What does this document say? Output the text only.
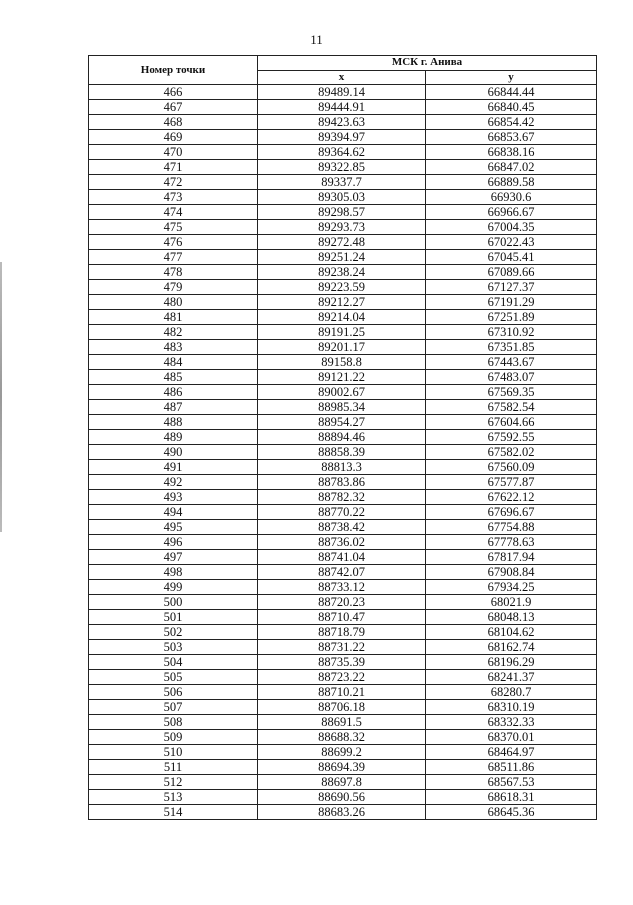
11
Номер точки	МСК г. Анива	
	x	y
466	89489.14	66844.44
467	89444.91	66840.45
468	89423.63	66854.42
469	89394.97	66853.67
470	89364.62	66838.16
471	89322.85	66847.02
472	89337.7	66889.58
473	89305.03	66930.6
474	89298.57	66966.67
475	89293.73	67004.35
476	89272.48	67022.43
477	89251.24	67045.41
478	89238.24	67089.66
479	89223.59	67127.37
480	89212.27	67191.29
481	89214.04	67251.89
482	89191.25	67310.92
483	89201.17	67351.85
484	89158.8	67443.67
485	89121.22	67483.07
486	89002.67	67569.35
487	88985.34	67582.54
488	88954.27	67604.66
489	88894.46	67592.55
490	88858.39	67582.02
491	88813.3	67560.09
492	88783.86	67577.87
493	88782.32	67622.12
494	88770.22	67696.67
495	88738.42	67754.88
496	88736.02	67778.63
497	88741.04	67817.94
498	88742.07	67908.84
499	88733.12	67934.25
500	88720.23	68021.9
501	88710.47	68048.13
502	88718.79	68104.62
503	88731.22	68162.74
504	88735.39	68196.29
505	88723.22	68241.37
506	88710.21	68280.7
507	88706.18	68310.19
508	88691.5	68332.33
509	88688.32	68370.01
510	88699.2	68464.97
511	88694.39	68511.86
512	88697.8	68567.53
513	88690.56	68618.31
514	88683.26	68645.36
